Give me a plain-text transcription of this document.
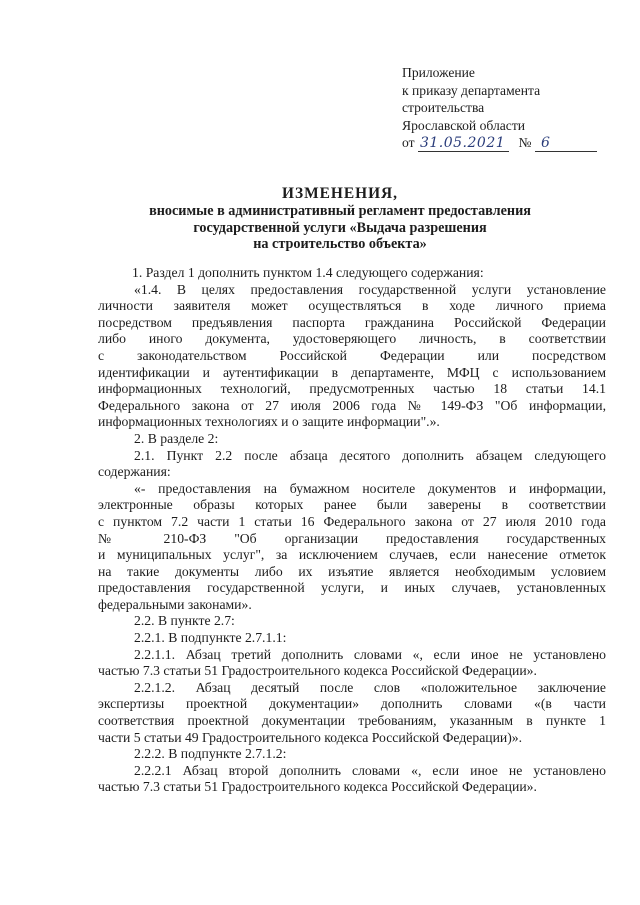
Приложение
к приказу департамента
строительства
Ярославской области
от 31.05.2021 № 6
ИЗМЕНЕНИЯ,
вносимые в административный регламент предоставления
государственной услуги «Выдача разрешения
на строительство объекта»
1. Раздел 1 дополнить пунктом 1.4 следующего содержания:
«1.4. В целях предоставления государственной услуги установление
личности заявителя может осуществляться в ходе личного приема
посредством предъявления паспорта гражданина Российской Федерации
либо иного документа, удостоверяющего личность, в соответствии
с законодательством Российской Федерации или посредством
идентификации и аутентификации в департаменте, МФЦ с использованием
информационных технологий, предусмотренных частью 18 статьи 14.1
Федерального закона от 27 июля 2006 года № 149-ФЗ "Об информации,
информационных технологиях и о защите информации".».
2. В разделе 2:
2.1. Пункт 2.2 после абзаца десятого дополнить абзацем следующего
содержания:
«- предоставления на бумажном носителе документов и информации,
электронные образы которых ранее были заверены в соответствии
с пунктом 7.2 части 1 статьи 16 Федерального закона от 27 июля 2010 года
№ 210-ФЗ "Об организации предоставления государственных
и муниципальных услуг", за исключением случаев, если нанесение отметок
на такие документы либо их изъятие является необходимым условием
предоставления государственной услуги, и иных случаев, установленных
федеральными законами».
2.2. В пункте 2.7:
2.2.1. В подпункте 2.7.1.1:
2.2.1.1. Абзац третий дополнить словами «, если иное не установлено
частью 7.3 статьи 51 Градостроительного кодекса Российской Федерации».
2.2.1.2. Абзац десятый после слов «положительное заключение
экспертизы проектной документации» дополнить словами «(в части
соответствия проектной документации требованиям, указанным в пункте 1
части 5 статьи 49 Градостроительного кодекса Российской Федерации)».
2.2.2. В подпункте 2.7.1.2:
2.2.2.1 Абзац второй дополнить словами «, если иное не установлено
частью 7.3 статьи 51 Градостроительного кодекса Российской Федерации».
